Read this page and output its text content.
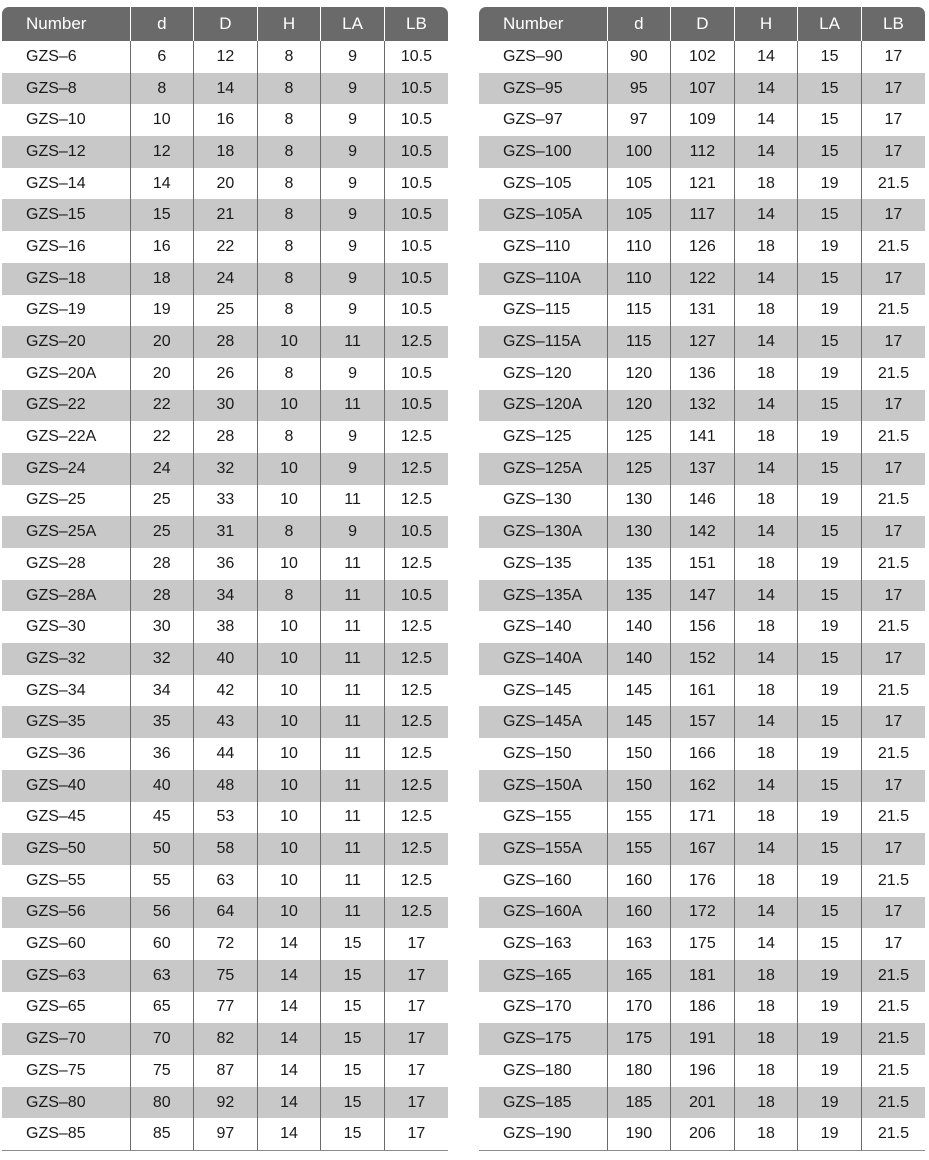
Number	d	D	H	LA	LB
GZS–6	6	12	8	9	10.5
GZS–8	8	14	8	9	10.5
GZS–10	10	16	8	9	10.5
GZS–12	12	18	8	9	10.5
GZS–14	14	20	8	9	10.5
GZS–15	15	21	8	9	10.5
GZS–16	16	22	8	9	10.5
GZS–18	18	24	8	9	10.5
GZS–19	19	25	8	9	10.5
GZS–20	20	28	10	11	12.5
GZS–20A	20	26	8	9	10.5
GZS–22	22	30	10	11	10.5
GZS–22A	22	28	8	9	12.5
GZS–24	24	32	10	9	12.5
GZS–25	25	33	10	11	12.5
GZS–25A	25	31	8	9	10.5
GZS–28	28	36	10	11	12.5
GZS–28A	28	34	8	11	10.5
GZS–30	30	38	10	11	12.5
GZS–32	32	40	10	11	12.5
GZS–34	34	42	10	11	12.5
GZS–35	35	43	10	11	12.5
GZS–36	36	44	10	11	12.5
GZS–40	40	48	10	11	12.5
GZS–45	45	53	10	11	12.5
GZS–50	50	58	10	11	12.5
GZS–55	55	63	10	11	12.5
GZS–56	56	64	10	11	12.5
GZS–60	60	72	14	15	17
GZS–63	63	75	14	15	17
GZS–65	65	77	14	15	17
GZS–70	70	82	14	15	17
GZS–75	75	87	14	15	17
GZS–80	80	92	14	15	17
GZS–85	85	97	14	15	17
Number	d	D	H	LA	LB
GZS–90	90	102	14	15	17
GZS–95	95	107	14	15	17
GZS–97	97	109	14	15	17
GZS–100	100	112	14	15	17
GZS–105	105	121	18	19	21.5
GZS–105A	105	117	14	15	17
GZS–110	110	126	18	19	21.5
GZS–110A	110	122	14	15	17
GZS–115	115	131	18	19	21.5
GZS–115A	115	127	14	15	17
GZS–120	120	136	18	19	21.5
GZS–120A	120	132	14	15	17
GZS–125	125	141	18	19	21.5
GZS–125A	125	137	14	15	17
GZS–130	130	146	18	19	21.5
GZS–130A	130	142	14	15	17
GZS–135	135	151	18	19	21.5
GZS–135A	135	147	14	15	17
GZS–140	140	156	18	19	21.5
GZS–140A	140	152	14	15	17
GZS–145	145	161	18	19	21.5
GZS–145A	145	157	14	15	17
GZS–150	150	166	18	19	21.5
GZS–150A	150	162	14	15	17
GZS–155	155	171	18	19	21.5
GZS–155A	155	167	14	15	17
GZS–160	160	176	18	19	21.5
GZS–160A	160	172	14	15	17
GZS–163	163	175	14	15	17
GZS–165	165	181	18	19	21.5
GZS–170	170	186	18	19	21.5
GZS–175	175	191	18	19	21.5
GZS–180	180	196	18	19	21.5
GZS–185	185	201	18	19	21.5
GZS–190	190	206	18	19	21.5
